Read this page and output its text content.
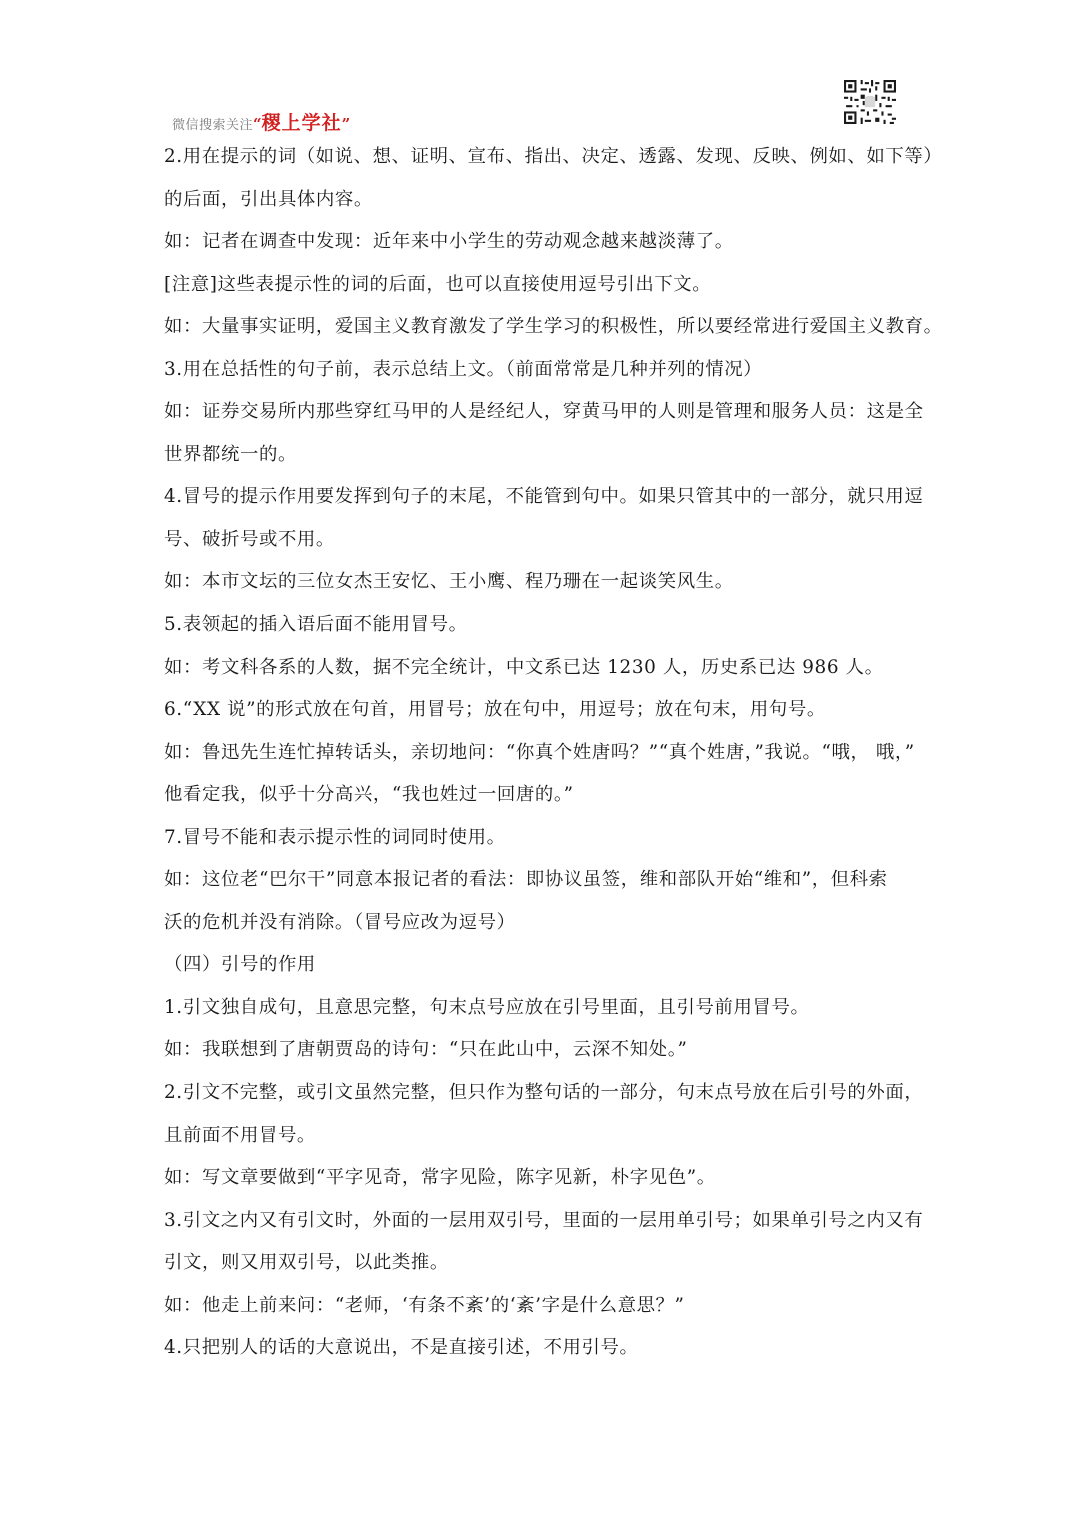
微信搜索关注 “ 稷上学社 ”
2.用在提示的词（如说、想、证明、宣布、指出、决定、透露、发现、反映、例如、如下等）
的后面，引出具体内容。
如：记者在调查中发现：近年来中小学生的劳动观念越来越淡薄了。
[注意]这些表提示性的词的后面，也可以直接使用逗号引出下文。
如：大量事实证明，爱国主义教育激发了学生学习的积极性，所以要经常进行爱国主义教育。
3.用在总括性的句子前，表示总结上文。（前面常常是几种并列的情况）
如：证券交易所内那些穿红马甲的人是经纪人，穿黄马甲的人则是管理和服务人员：这是全
世界都统一的。
4.冒号的提示作用要发挥到句子的末尾，不能管到句中。如果只管其中的一部分，就只用逗
号、破折号或不用。
如：本市文坛的三位女杰王安忆、王小鹰、程乃珊在一起谈笑风生。
5.表领起的插入语后面不能用冒号。
如：考文科各系的人数，据不完全统计，中文系已达 1230 人，历史系已达 986 人。
6.“XX 说”的形式放在句首，用冒号；放在句中，用逗号；放在句末，用句号。
如：鲁迅先生连忙掉转话头，亲切地问：“你真个姓唐吗？”“真个姓唐，”我说。“哦， 哦，”
他看定我，似乎十分高兴，“我也姓过一回唐的。”
7.冒号不能和表示提示性的词同时使用。
如：这位老“巴尔干”同意本报记者的看法：即协议虽签，维和部队开始“维和”，但科索
沃的危机并没有消除。（冒号应改为逗号）
（四）引号的作用
1.引文独自成句，且意思完整，句末点号应放在引号里面，且引号前用冒号。
如：我联想到了唐朝贾岛的诗句：“只在此山中，云深不知处。”
2.引文不完整，或引文虽然完整，但只作为整句话的一部分，句末点号放在后引号的外面，
且前面不用冒号。
如：写文章要做到“平字见奇，常字见险，陈字见新，朴字见色”。
3.引文之内又有引文时，外面的一层用双引号，里面的一层用单引号；如果单引号之内又有
引文，则又用双引号，以此类推。
如：他走上前来问：“老师，‘有条不紊’的‘紊’字是什么意思？”
4.只把别人的话的大意说出，不是直接引述，不用引号。
